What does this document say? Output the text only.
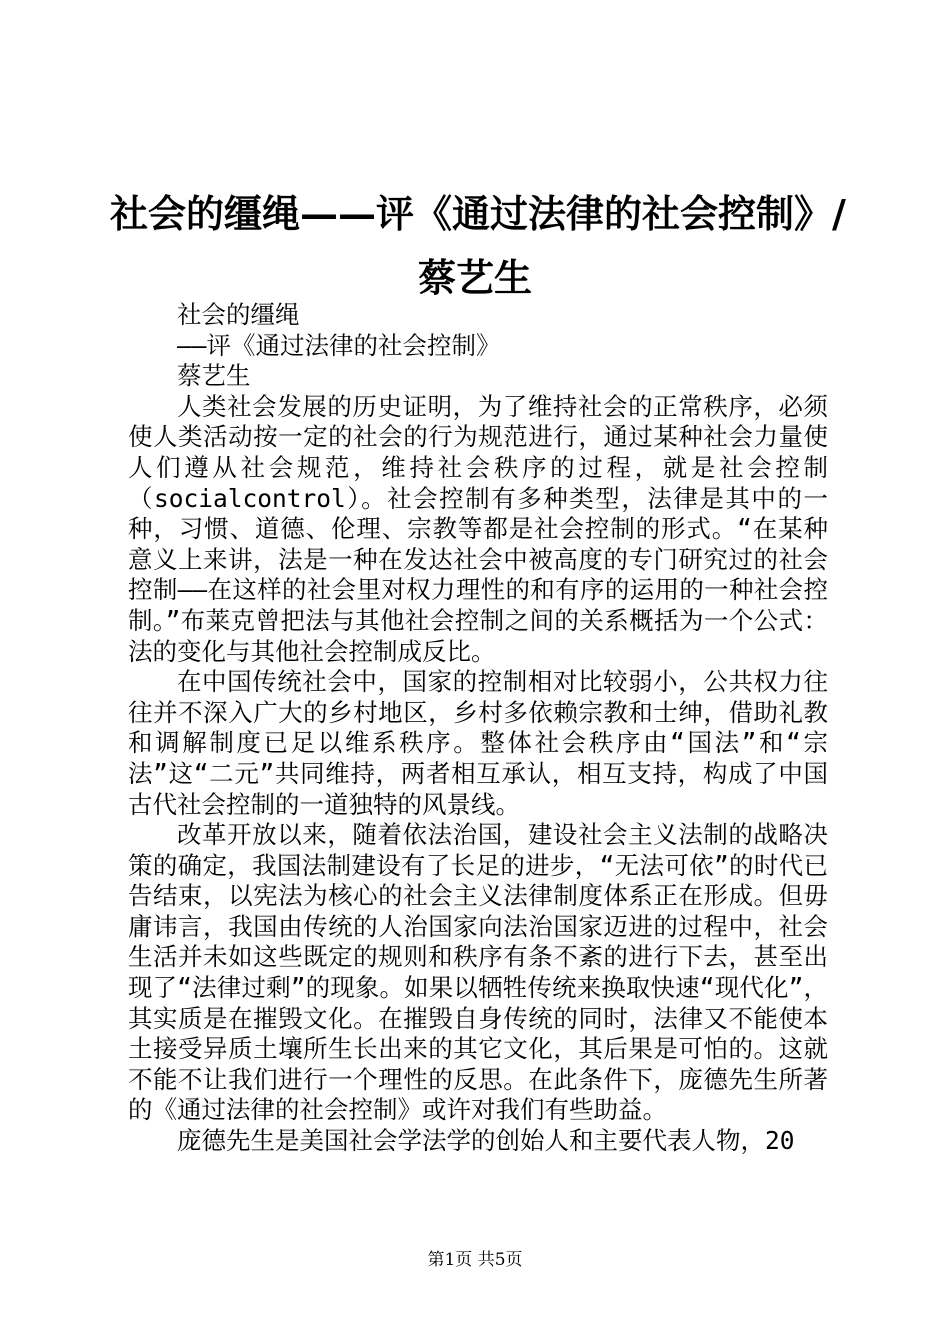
社会的缰绳——评《通过法律的社会控制》/
蔡艺生

社会的缰绳

——评《通过法律的社会控制》

蔡艺生

人类社会发展的历史证明，为了维持社会的正常秩序，必须使人类活动按一定的社会的行为规范进行，通过某种社会力量使人们遵从社会规范，维持社会秩序的过程，就是社会控制（socialcontrol）。社会控制有多种类型，法律是其中的一种，习惯、道德、伦理、宗教等都是社会控制的形式。“在某种意义上来讲，法是一种在发达社会中被高度的专门研究过的社会控制——在这样的社会里对权力理性的和有序的运用的一种社会控制。”布莱克曾把法与其他社会控制之间的关系概括为一个公式：法的变化与其他社会控制成反比。

在中国传统社会中，国家的控制相对比较弱小，公共权力往往并不深入广大的乡村地区，乡村多依赖宗教和士绅，借助礼教和调解制度已足以维系秩序。整体社会秩序由“国法”和“宗法”这“二元”共同维持，两者相互承认，相互支持，构成了中国古代社会控制的一道独特的风景线。

改革开放以来，随着依法治国，建设社会主义法制的战略决策的确定，我国法制建设有了长足的进步，“无法可依”的时代已告结束，以宪法为核心的社会主义法律制度体系正在形成。但毋庸讳言，我国由传统的人治国家向法治国家迈进的过程中，社会生活并未如这些既定的规则和秩序有条不紊的进行下去，甚至出现了“法律过剩”的现象。如果以牺牲传统来换取快速“现代化”，其实质是在摧毁文化。在摧毁自身传统的同时，法律又不能使本土接受异质土壤所生长出来的其它文化，其后果是可怕的。这就不能不让我们进行一个理性的反思。在此条件下，庞德先生所著的《通过法律的社会控制》或许对我们有些助益。

庞德先生是美国社会学法学的创始人和主要代表人物，20

第1页 共5页
